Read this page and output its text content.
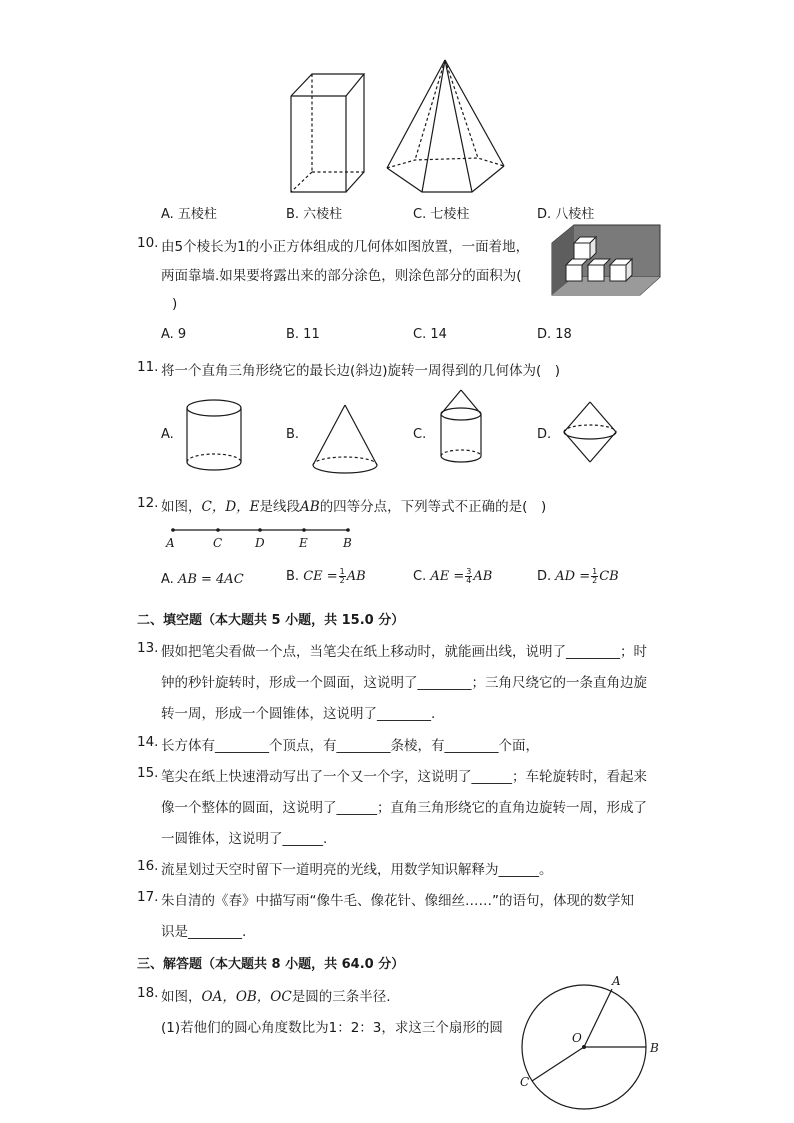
A. 五棱柱	B. 六棱柱	C. 七棱柱	D. 八棱柱
10. 由5个棱长为1的小正方体组成的几何体如图放置，一面着地，
两面靠墙.如果要将露出来的部分涂色，则涂色部分的面积为(
)
A. 9	B. 11	C. 14	D. 18
11. 将一个直角三角形绕它的最长边(斜边)旋转一周得到的几何体为(　)
A.	B.	C.	D.
12. 如图，C，D，E是线段AB的四等分点，下列等式不正确的是(　)
A	C	D	E	B
A. AB = 4AC	B. CE = $\frac{1}{2}$ AB	C. AE = $\frac{3}{4}$ AB	D. AD = $\frac{1}{2}$ CB
二、填空题（本大题共 5 小题，共 15.0 分）
13. 假如把笔尖看做一个点，当笔尖在纸上移动时，就能画出线，说明了________；时
钟的秒针旋转时，形成一个圆面，这说明了________；三角尺绕它的一条直角边旋
转一周，形成一个圆锥体，这说明了________.
14. 长方体有________个顶点，有________条棱，有________个面，
15. 笔尖在纸上快速滑动写出了一个又一个字，这说明了______；车轮旋转时，看起来
像一个整体的圆面，这说明了______；直角三角形绕它的直角边旋转一周，形成了
一圆锥体，这说明了______.
16. 流星划过天空时留下一道明亮的光线，用数学知识解释为______。
17. 朱自清的《春》中描写雨“像牛毛、像花针、像细丝……”的语句，体现的数学知
识是________.
三、解答题（本大题共 8 小题，共 64.0 分）
18. 如图，OA，OB，OC是圆的三条半径.
(1)若他们的圆心角度数比为1：2：3，求这三个扇形的圆
A
B
O
C
